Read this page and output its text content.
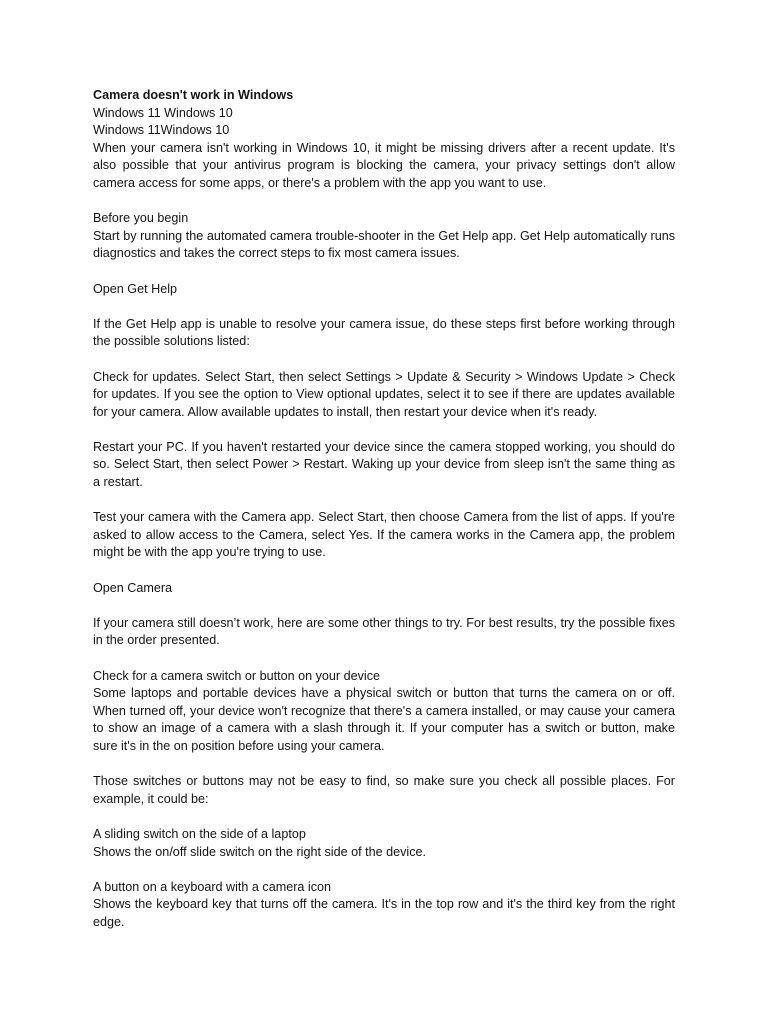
Camera doesn't work in Windows
Windows 11 Windows 10
Windows 11Windows 10
When your camera isn't working in Windows 10, it might be missing drivers after a recent update. It's also possible that your antivirus program is blocking the camera, your privacy settings don't allow camera access for some apps, or there's a problem with the app you want to use.
Before you begin
Start by running the automated camera trouble-shooter in the Get Help app. Get Help automatically runs diagnostics and takes the correct steps to fix most camera issues.
Open Get Help
If the Get Help app is unable to resolve your camera issue, do these steps first before working through the possible solutions listed:
Check for updates. Select Start, then select Settings > Update & Security > Windows Update > Check for updates. If you see the option to View optional updates, select it to see if there are updates available for your camera. Allow available updates to install, then restart your device when it's ready.
Restart your PC. If you haven't restarted your device since the camera stopped working, you should do so. Select Start, then select Power > Restart. Waking up your device from sleep isn't the same thing as a restart.
Test your camera with the Camera app. Select Start, then choose Camera from the list of apps. If you're asked to allow access to the Camera, select Yes. If the camera works in the Camera app, the problem might be with the app you're trying to use.
Open Camera
If your camera still doesn’t work, here are some other things to try. For best results, try the possible fixes in the order presented.
Check for a camera switch or button on your device
Some laptops and portable devices have a physical switch or button that turns the camera on or off. When turned off, your device won't recognize that there's a camera installed, or may cause your camera to show an image of a camera with a slash through it. If your computer has a switch or button, make sure it's in the on position before using your camera.
Those switches or buttons may not be easy to find, so make sure you check all possible places. For example, it could be:
A sliding switch on the side of a laptop
Shows the on/off slide switch on the right side of the device.
A button on a keyboard with a camera icon
Shows the keyboard key that turns off the camera. It's in the top row and it's the third key from the right edge.
